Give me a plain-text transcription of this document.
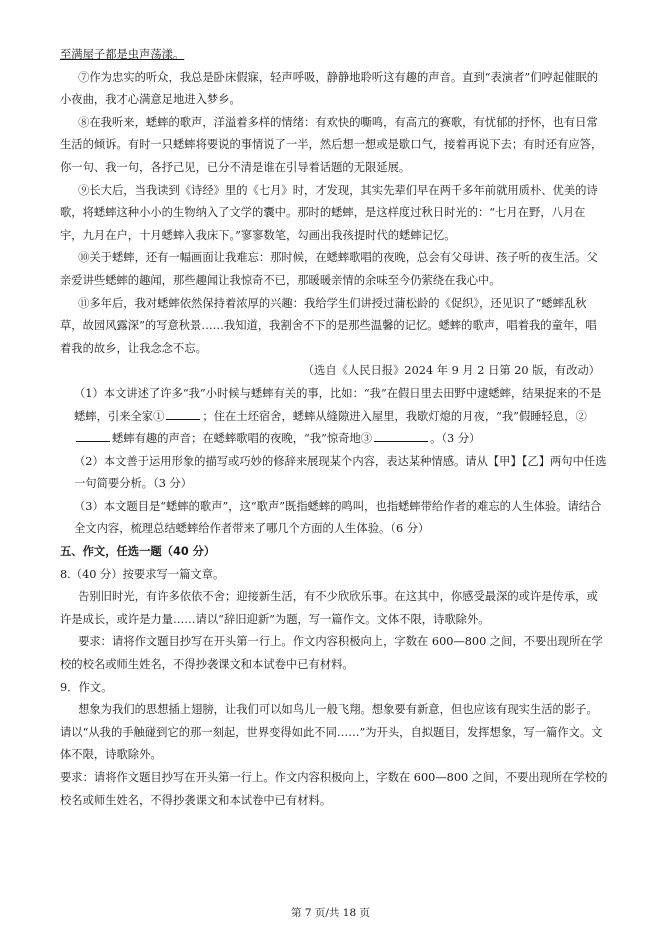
至满屋子都是虫声荡漾。

⑦作为忠实的听众，我总是卧床假寐，轻声呼吸，静静地聆听这有趣的声音。直到“表演者”们哼起催眠的小夜曲，我才心满意足地进入梦乡。

⑧在我听来，蟋蟀的歌声，洋溢着多样的情绪：有欢快的嘶鸣，有高亢的赛歌，有忧郁的抒怀，也有日常生活的倾诉。有时一只蟋蟀将要说的事情说了一半，然后想一想或是歇口气，接着再说下去；有时还有应答，你一句、我一句，各抒己见，已分不清是谁在引导着话题的无限延展。

⑨长大后，当我读到《诗经》里的《七月》时，才发现，其实先辈们早在两千多年前就用质朴、优美的诗歌，将蟋蟀这种小小的生物纳入了文学的囊中。那时的蟋蟀，是这样度过秋日时光的：“七月在野，八月在宇，九月在户，十月蟋蟀入我床下。”寥寥数笔，勾画出我孩提时代的蟋蟀记忆。

⑩关于蟋蟀，还有一幅画面让我难忘：那时候，在蟋蟀歌唱的夜晚，总会有父母讲、孩子听的夜生活。父亲爱讲些蟋蟀的趣闻，那些趣闻让我惊奇不已，那暖暖亲情的余味至今仍萦绕在我心中。

⑪多年后，我对蟋蟀依然保持着浓厚的兴趣：我给学生们讲授过蒲松龄的《促织》，还见识了“蟋蟀乱秋草，故园风露深”的写意秋景……我知道，我割舍不下的是那些温馨的记忆。蟋蟀的歌声，唱着我的童年，唱着我的故乡，让我念念不忘。

（选自《人民日报》2024 年 9 月 2 日第 20 版，有改动）

（1）本文讲述了许多“我”小时候与蟋蟀有关的事，比如：“我”在假日里去田野中逮蟋蟀，结果捉来的不是蟋蟀，引来全家①	；住在土坯宿舍，蟋蟀从缝隙进入屋里，我歇灯熄的月夜，“我”假睡轻息，②蟋蟀有趣的声音；在蟋蟀歌唱的夜晚，“我”惊奇地③	。（3 分）

（2）本文善于运用形象的描写或巧妙的修辞来展现某个内容，表达某种情感。请从【甲】【乙】两句中任选一句简要分析。（3 分）

（3）本文题目是“蟋蟀的歌声”，这“歌声”既指蟋蟀的鸣叫，也指蟋蟀带给作者的难忘的人生体验。请结合全文内容，梳理总结蟋蟀给作者带来了哪几个方面的人生体验。（6 分）

五、作文，任选一题（40 分）

8.（40 分）按要求写一篇文章。

告别旧时光，有许多依依不舍；迎接新生活，有不少欣欣乐事。在这其中，你感受最深的或许是传承，或许是成长，或许是力量……请以“辞旧迎新”为题，写一篇作文。文体不限，诗歌除外。

要求：请将作文题目抄写在开头第一行上。作文内容积极向上，字数在 600—800 之间，不要出现所在学校的校名或师生姓名，不得抄袭课文和本试卷中已有材料。

9．作文。

想象为我们的思想插上翅膀，让我们可以如鸟儿一般飞翔。想象要有新意，但也应该有现实生活的影子。请以“从我的手触碰到它的那一刻起，世界变得如此不同……”为开头，自拟题目，发挥想象，写一篇作文。文体不限，诗歌除外。

要求：请将作文题目抄写在开头第一行上。作文内容积极向上，字数在 600—800 之间，不要出现所在学校的校名或师生姓名，不得抄袭课文和本试卷中已有材料。

第 7 页/共 18 页
